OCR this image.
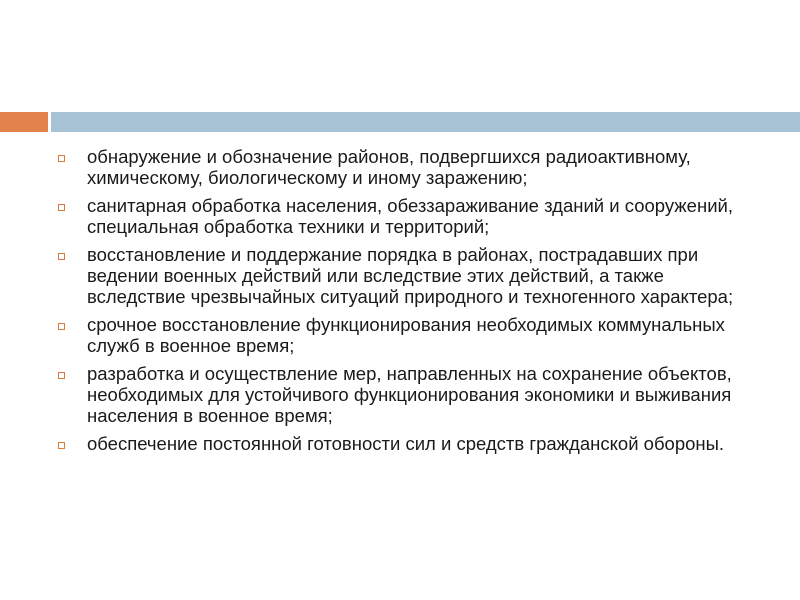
обнаружение и обозначение районов, подвергшихся радиоактивному, химическому, биологическому и иному заражению;
санитарная обработка населения, обеззараживание зданий и сооружений, специальная обработка техники и территорий;
восстановление и поддержание порядка в районах, пострадавших при ведении военных действий или вследствие этих действий, а также вследствие чрезвычайных ситуаций природного и техногенного характера;
срочное восстановление функционирования необходимых коммунальных служб в военное время;
разработка и осуществление мер, направленных на сохранение объектов, необходимых для устойчивого функционирования экономики и выживания населения в военное время;
обеспечение постоянной готовности сил и средств гражданской обороны.
